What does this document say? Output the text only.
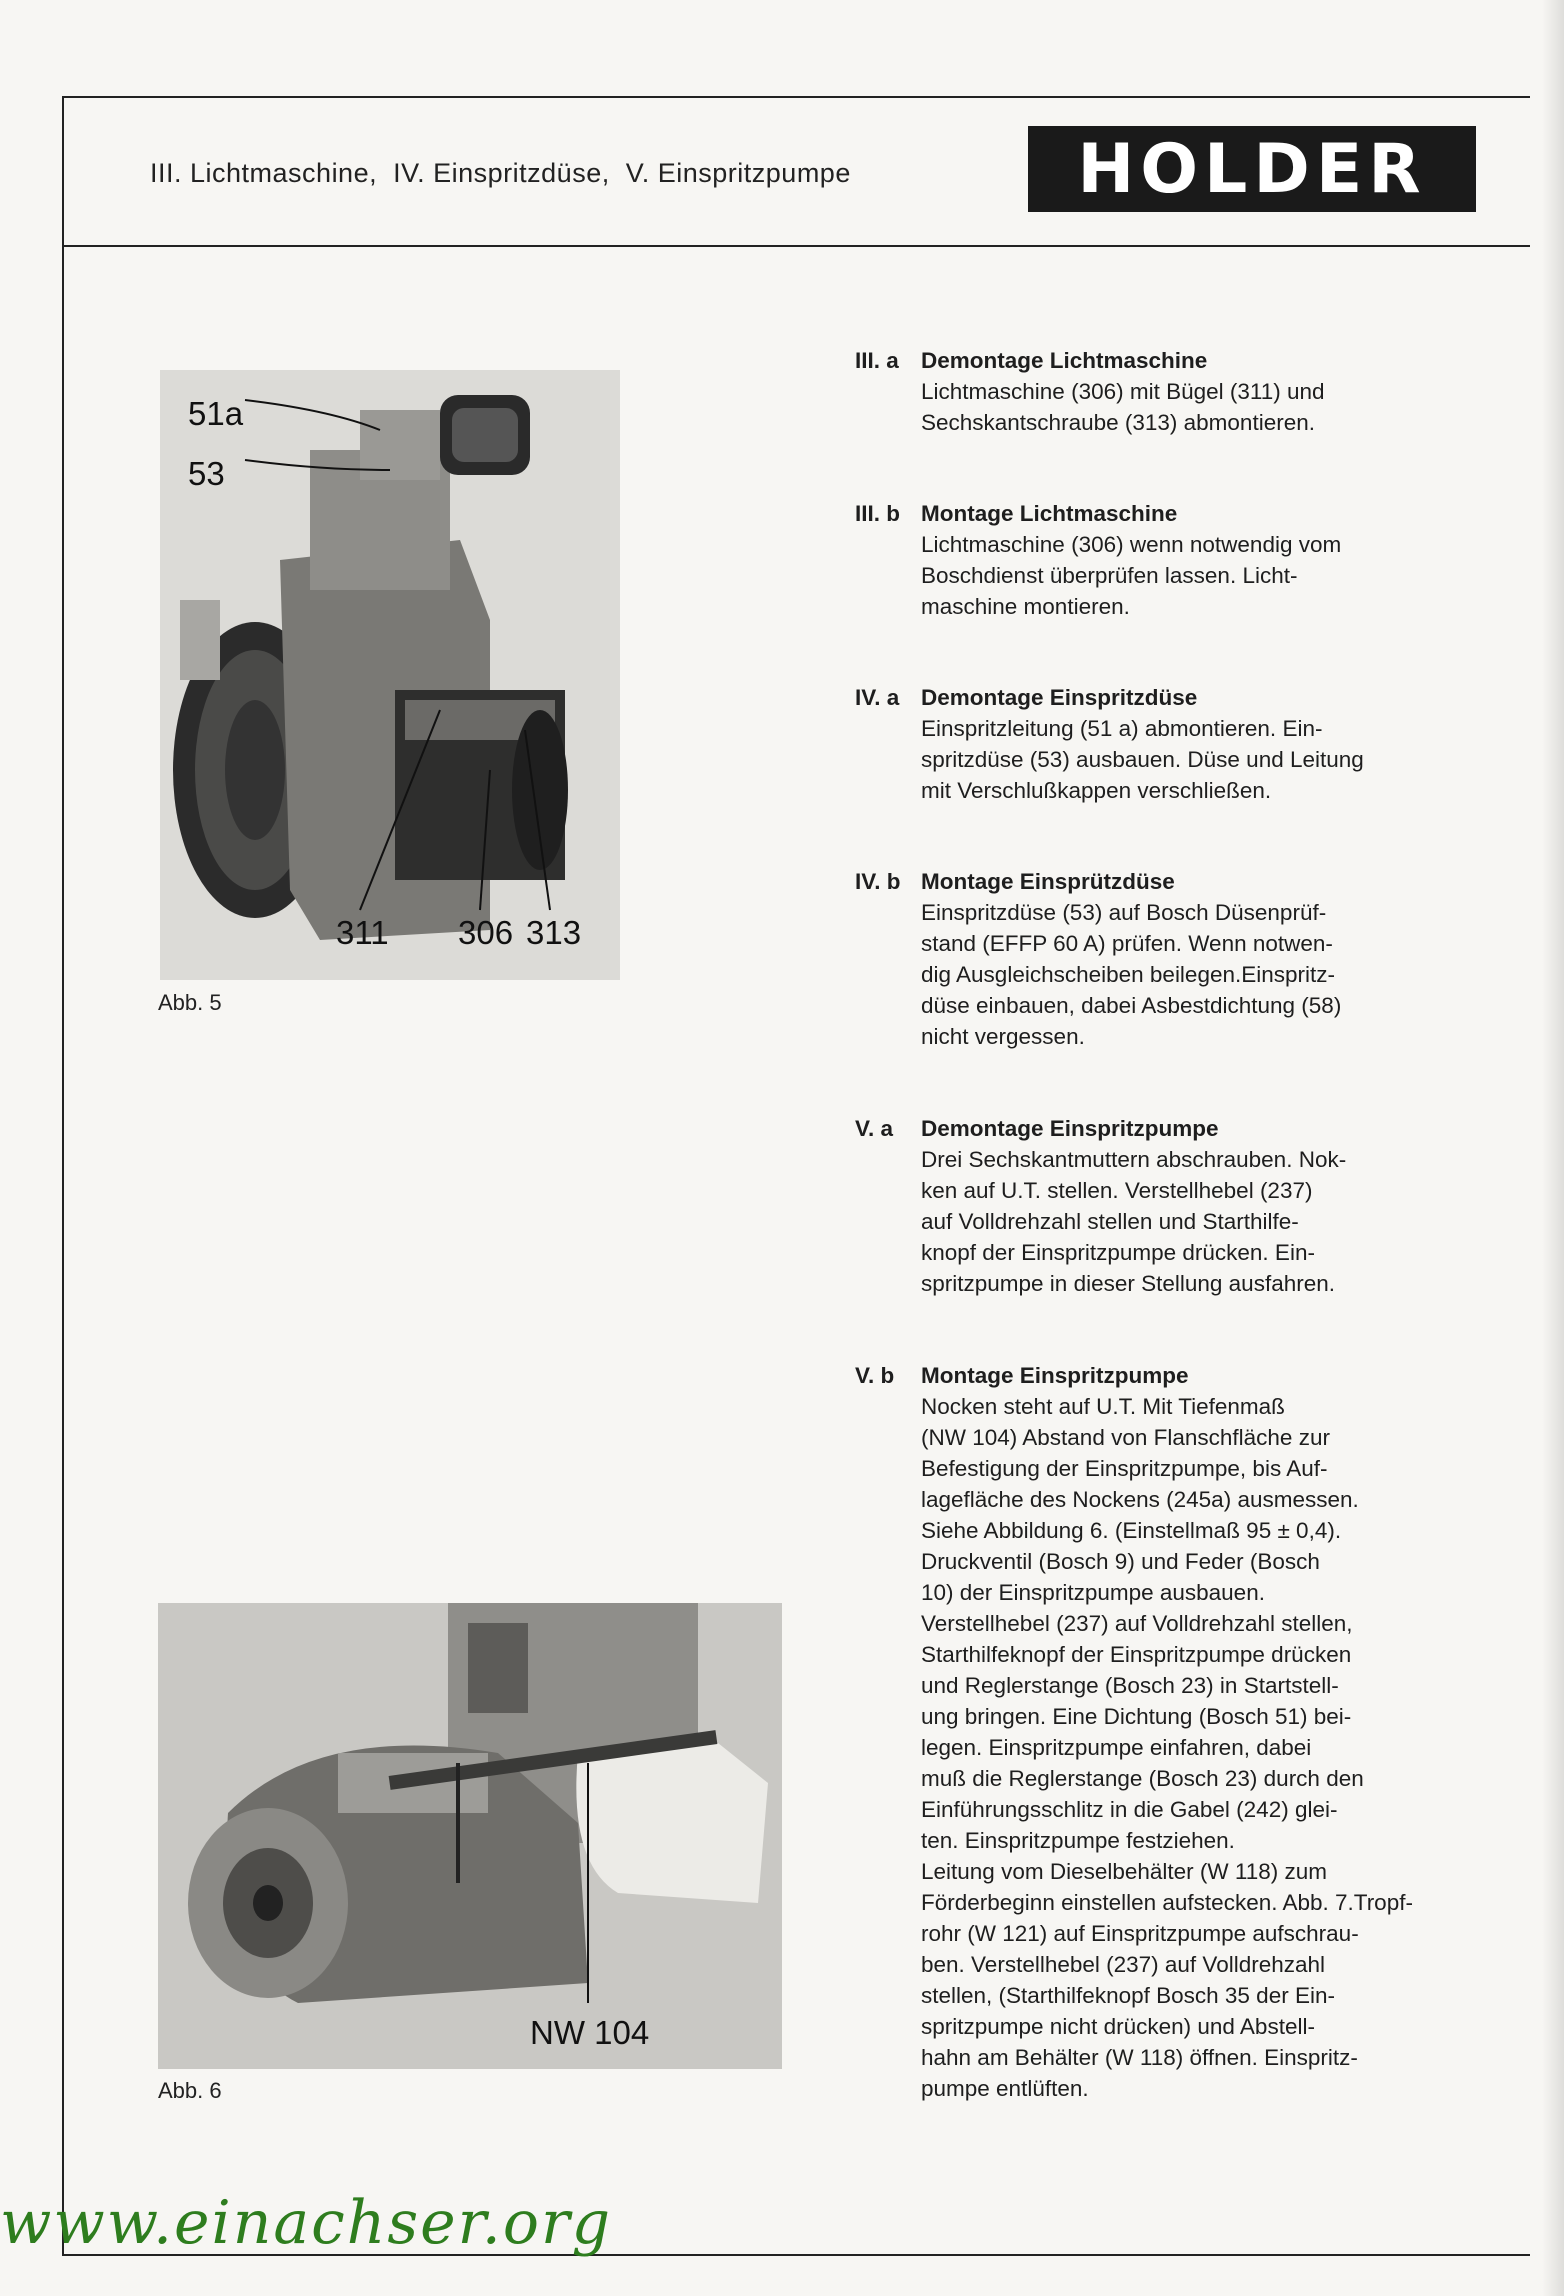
III. Lichtmaschine,  IV. Einspritzdüse,  V. Einspritzpumpe	HOLDER
51a
53
311 306 313
Abb. 5
NW 104
Abb. 6
III. a Demontage Lichtmaschine
Lichtmaschine (306) mit Bügel (311) und
Sechskantschraube (313) abmontieren.
III. b Montage Lichtmaschine
Lichtmaschine (306) wenn notwendig vom
Boschdienst überprüfen lassen. Licht-
maschine montieren.
IV. a Demontage Einspritzdüse
Einspritzleitung (51 a) abmontieren. Ein-
spritzdüse (53) ausbauen. Düse und Leitung
mit Verschlußkappen verschließen.
IV. b Montage Einsprützdüse
Einspritzdüse (53) auf Bosch Düsenprüf-
stand (EFFP 60 A) prüfen. Wenn notwen-
dig Ausgleichscheiben beilegen.Einspritz-
düse einbauen, dabei Asbestdichtung (58)
nicht vergessen.
V. a	Demontage Einspritzpumpe
Drei Sechskantmuttern abschrauben. Nok-
ken auf U.T. stellen. Verstellhebel (237)
auf Volldrehzahl stellen und Starthilfe-
knopf der Einspritzpumpe drücken. Ein-
spritzpumpe in dieser Stellung ausfahren.
V. b	Montage Einspritzpumpe
Nocken steht auf U.T. Mit Tiefenmaß
(NW 104) Abstand von Flanschfläche zur
Befestigung der Einspritzpumpe, bis Auf-
lagefläche des Nockens (245a) ausmessen.
Siehe Abbildung 6. (Einstellmaß 95 ± 0,4).
Druckventil (Bosch 9) und Feder (Bosch
10) der Einspritzpumpe ausbauen.
Verstellhebel (237) auf Volldrehzahl stellen,
Starthilfeknopf der Einspritzpumpe drücken
und Reglerstange (Bosch 23) in Startstell-
ung bringen. Eine Dichtung (Bosch 51) bei-
legen. Einspritzpumpe einfahren, dabei
muß die Reglerstange (Bosch 23) durch den
Einführungsschlitz in die Gabel (242) glei-
ten. Einspritzpumpe festziehen.
Leitung vom Dieselbehälter (W 118) zum
Förderbeginn einstellen aufstecken. Abb. 7.Tropf-
rohr (W 121) auf Einspritzpumpe aufschrau-
ben. Verstellhebel (237) auf Volldrehzahl
stellen, (Starthilfeknopf Bosch 35 der Ein-
spritzpumpe nicht drücken) und Abstell-
hahn am Behälter (W 118) öffnen. Einspritz-
pumpe entlüften.
www.einachser.org
